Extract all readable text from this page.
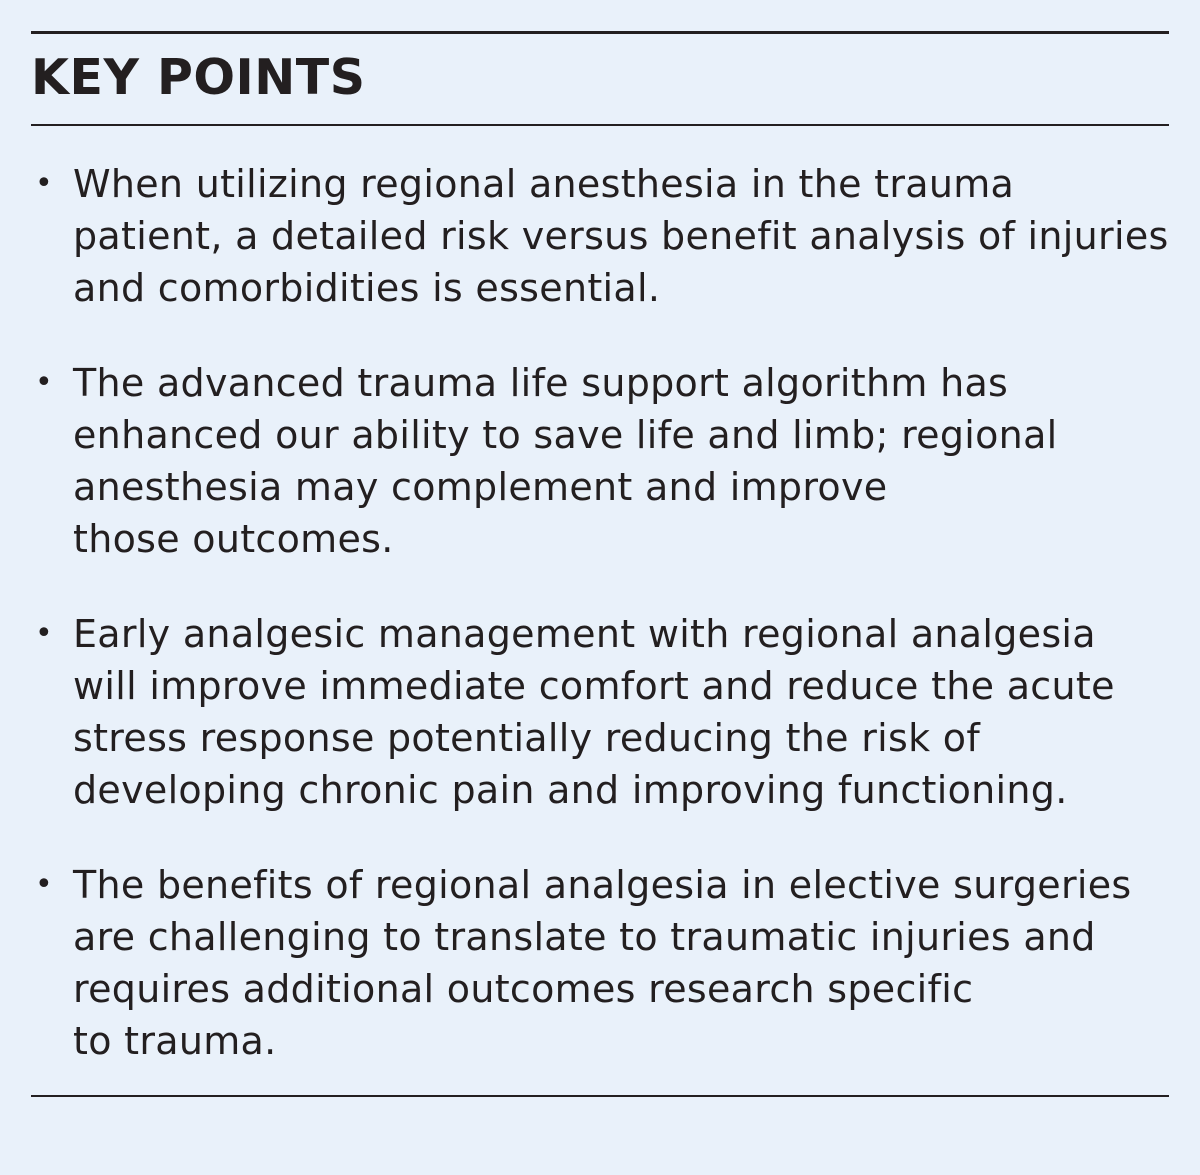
KEY POINTS
• When utilizing regional anesthesia in the trauma
patient, a detailed risk versus benefit analysis of injuries
and comorbidities is essential.
• The advanced trauma life support algorithm has
enhanced our ability to save life and limb; regional
anesthesia may complement and improve
those outcomes.
• Early analgesic management with regional analgesia
will improve immediate comfort and reduce the acute
stress response potentially reducing the risk of
developing chronic pain and improving functioning.
• The benefits of regional analgesia in elective surgeries
are challenging to translate to traumatic injuries and
requires additional outcomes research specific
to trauma.
